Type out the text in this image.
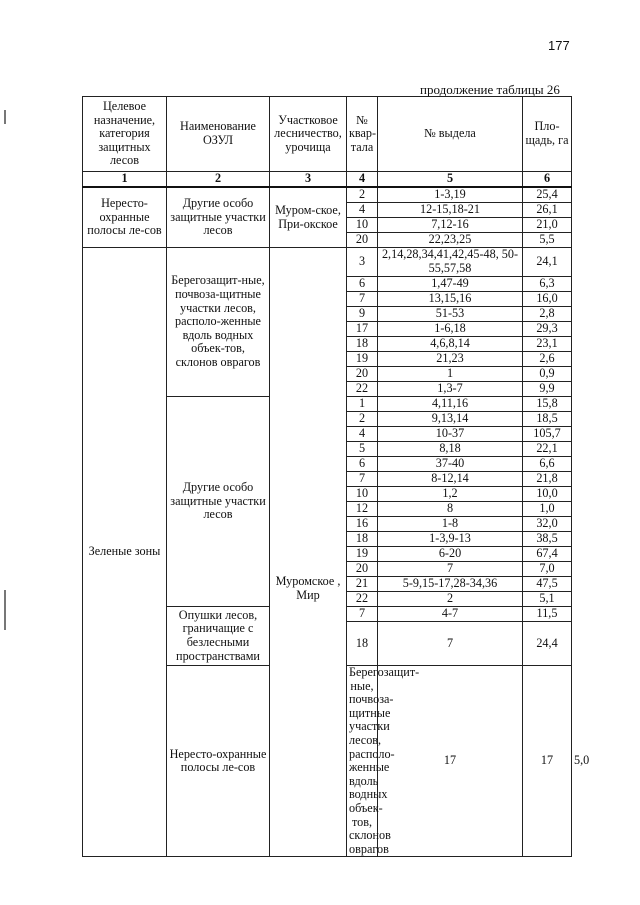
177
продолжение таблицы 26
Целевое назначение, категория защитных лесов	Наименование ОЗУЛ	Участковое лесничество, урочища	№ квар-тала	№ выдела	Пло-щадь, га	
1	2	3	4	5	6	
Нересто-охранные полосы ле-сов	Другие особо защитные участки лесов	Муром-ское, При-окское	2	1-3,19	25,4	
			4	12-15,18-21	26,1	
			10	7,12-16	21,0	
			20	22,23,25	5,5	
Зеленые зоны	Берегозащит-ные, почвоза-щитные участки лесов, располо-женные вдоль водных объек-тов, склонов оврагов		3	2,14,28,34,41,42,45-48, 50-55,57,58	24,1	
			6	1,47-49	6,3	
			7	13,15,16	16,0	
			9	51-53	2,8	
		Муромское , Мир	17	1-6,18	29,3	
			18	4,6,8,14	23,1	
			19	21,23	2,6	
			20	1	0,9	
			22	1,3-7	9,9	
	Другие особо защитные участки лесов		1	4,11,16	15,8	
			2	9,13,14	18,5	
			4	10-37	105,7	
			5	8,18	22,1	
			6	37-40	6,6	
			7	8-12,14	21,8	
			10	1,2	10,0	
			12	8	1,0	
			16	1-8	32,0	
			18	1-3,9-13	38,5	
			19	6-20	67,4	
			20	7	7,0	
			21	5-9,15-17,28-34,36	47,5	
			22	2	5,1	
	Опушки лесов, граничащие с безлесными пространствами		7	4-7	11,5	
			18	7	24,4	
	Нересто-охранные полосы ле-сов		Берегозащит-ные, почвоза-щитные участки лесов, располо-женные вдоль водных объек-тов, склонов оврагов	17	17	5,0
